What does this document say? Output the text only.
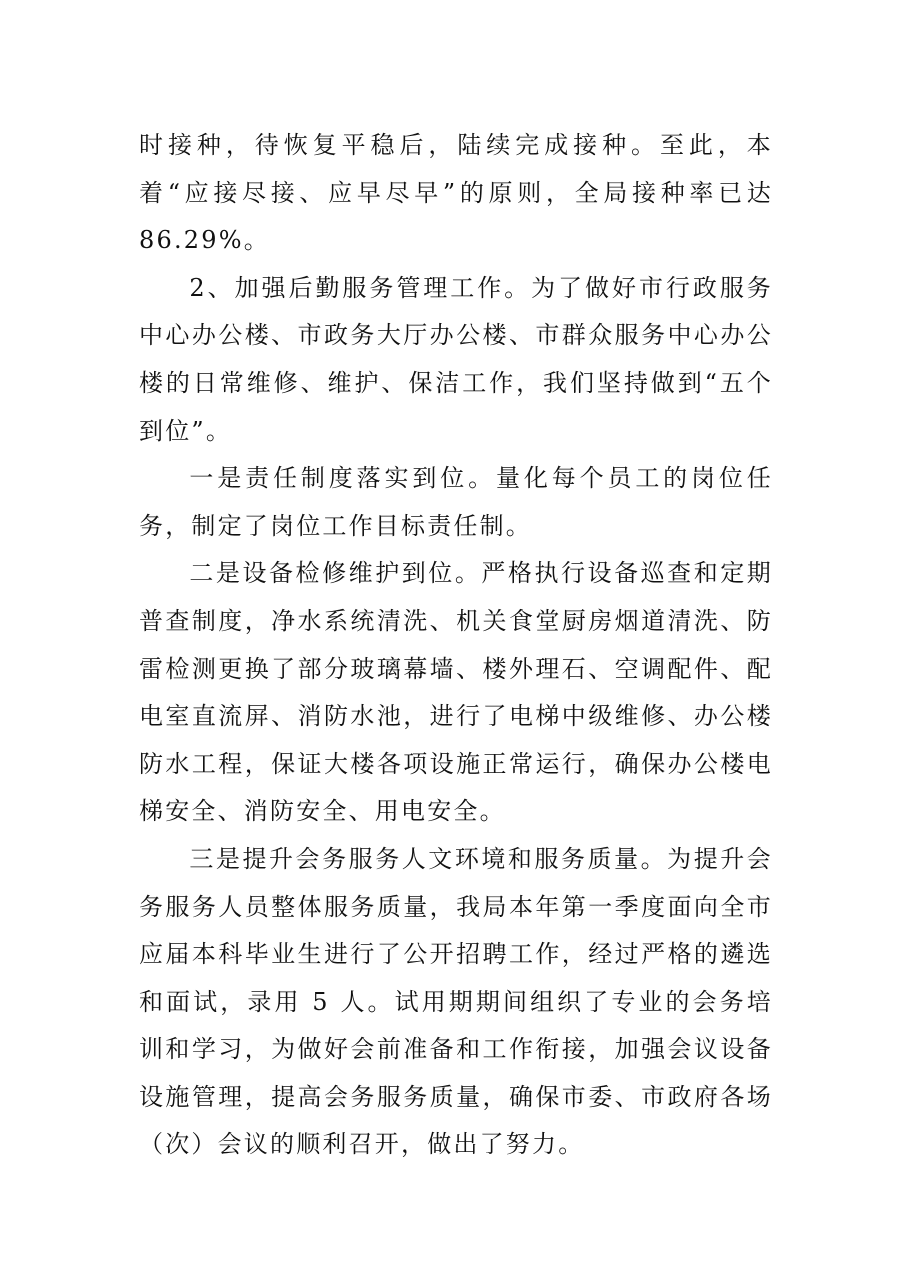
时接种，待恢复平稳后，陆续完成接种。至此，本着“应接尽接、应早尽早”的原则，全局接种率已达 86.29%。

2、加强后勤服务管理工作。为了做好市行政服务中心办公楼、市政务大厅办公楼、市群众服务中心办公楼的日常维修、维护、保洁工作，我们坚持做到“五个到位”。

一是责任制度落实到位。量化每个员工的岗位任务，制定了岗位工作目标责任制。

二是设备检修维护到位。严格执行设备巡查和定期普查制度，净水系统清洗、机关食堂厨房烟道清洗、防雷检测更换了部分玻璃幕墙、楼外理石、空调配件、配电室直流屏、消防水池，进行了电梯中级维修、办公楼防水工程，保证大楼各项设施正常运行，确保办公楼电梯安全、消防安全、用电安全。

三是提升会务服务人文环境和服务质量。为提升会务服务人员整体服务质量，我局本年第一季度面向全市应届本科毕业生进行了公开招聘工作，经过严格的遴选和面试，录用 5 人。试用期期间组织了专业的会务培训和学习，为做好会前准备和工作衔接，加强会议设备设施管理，提高会务服务质量，确保市委、市政府各场（次）会议的顺利召开，做出了努力。
